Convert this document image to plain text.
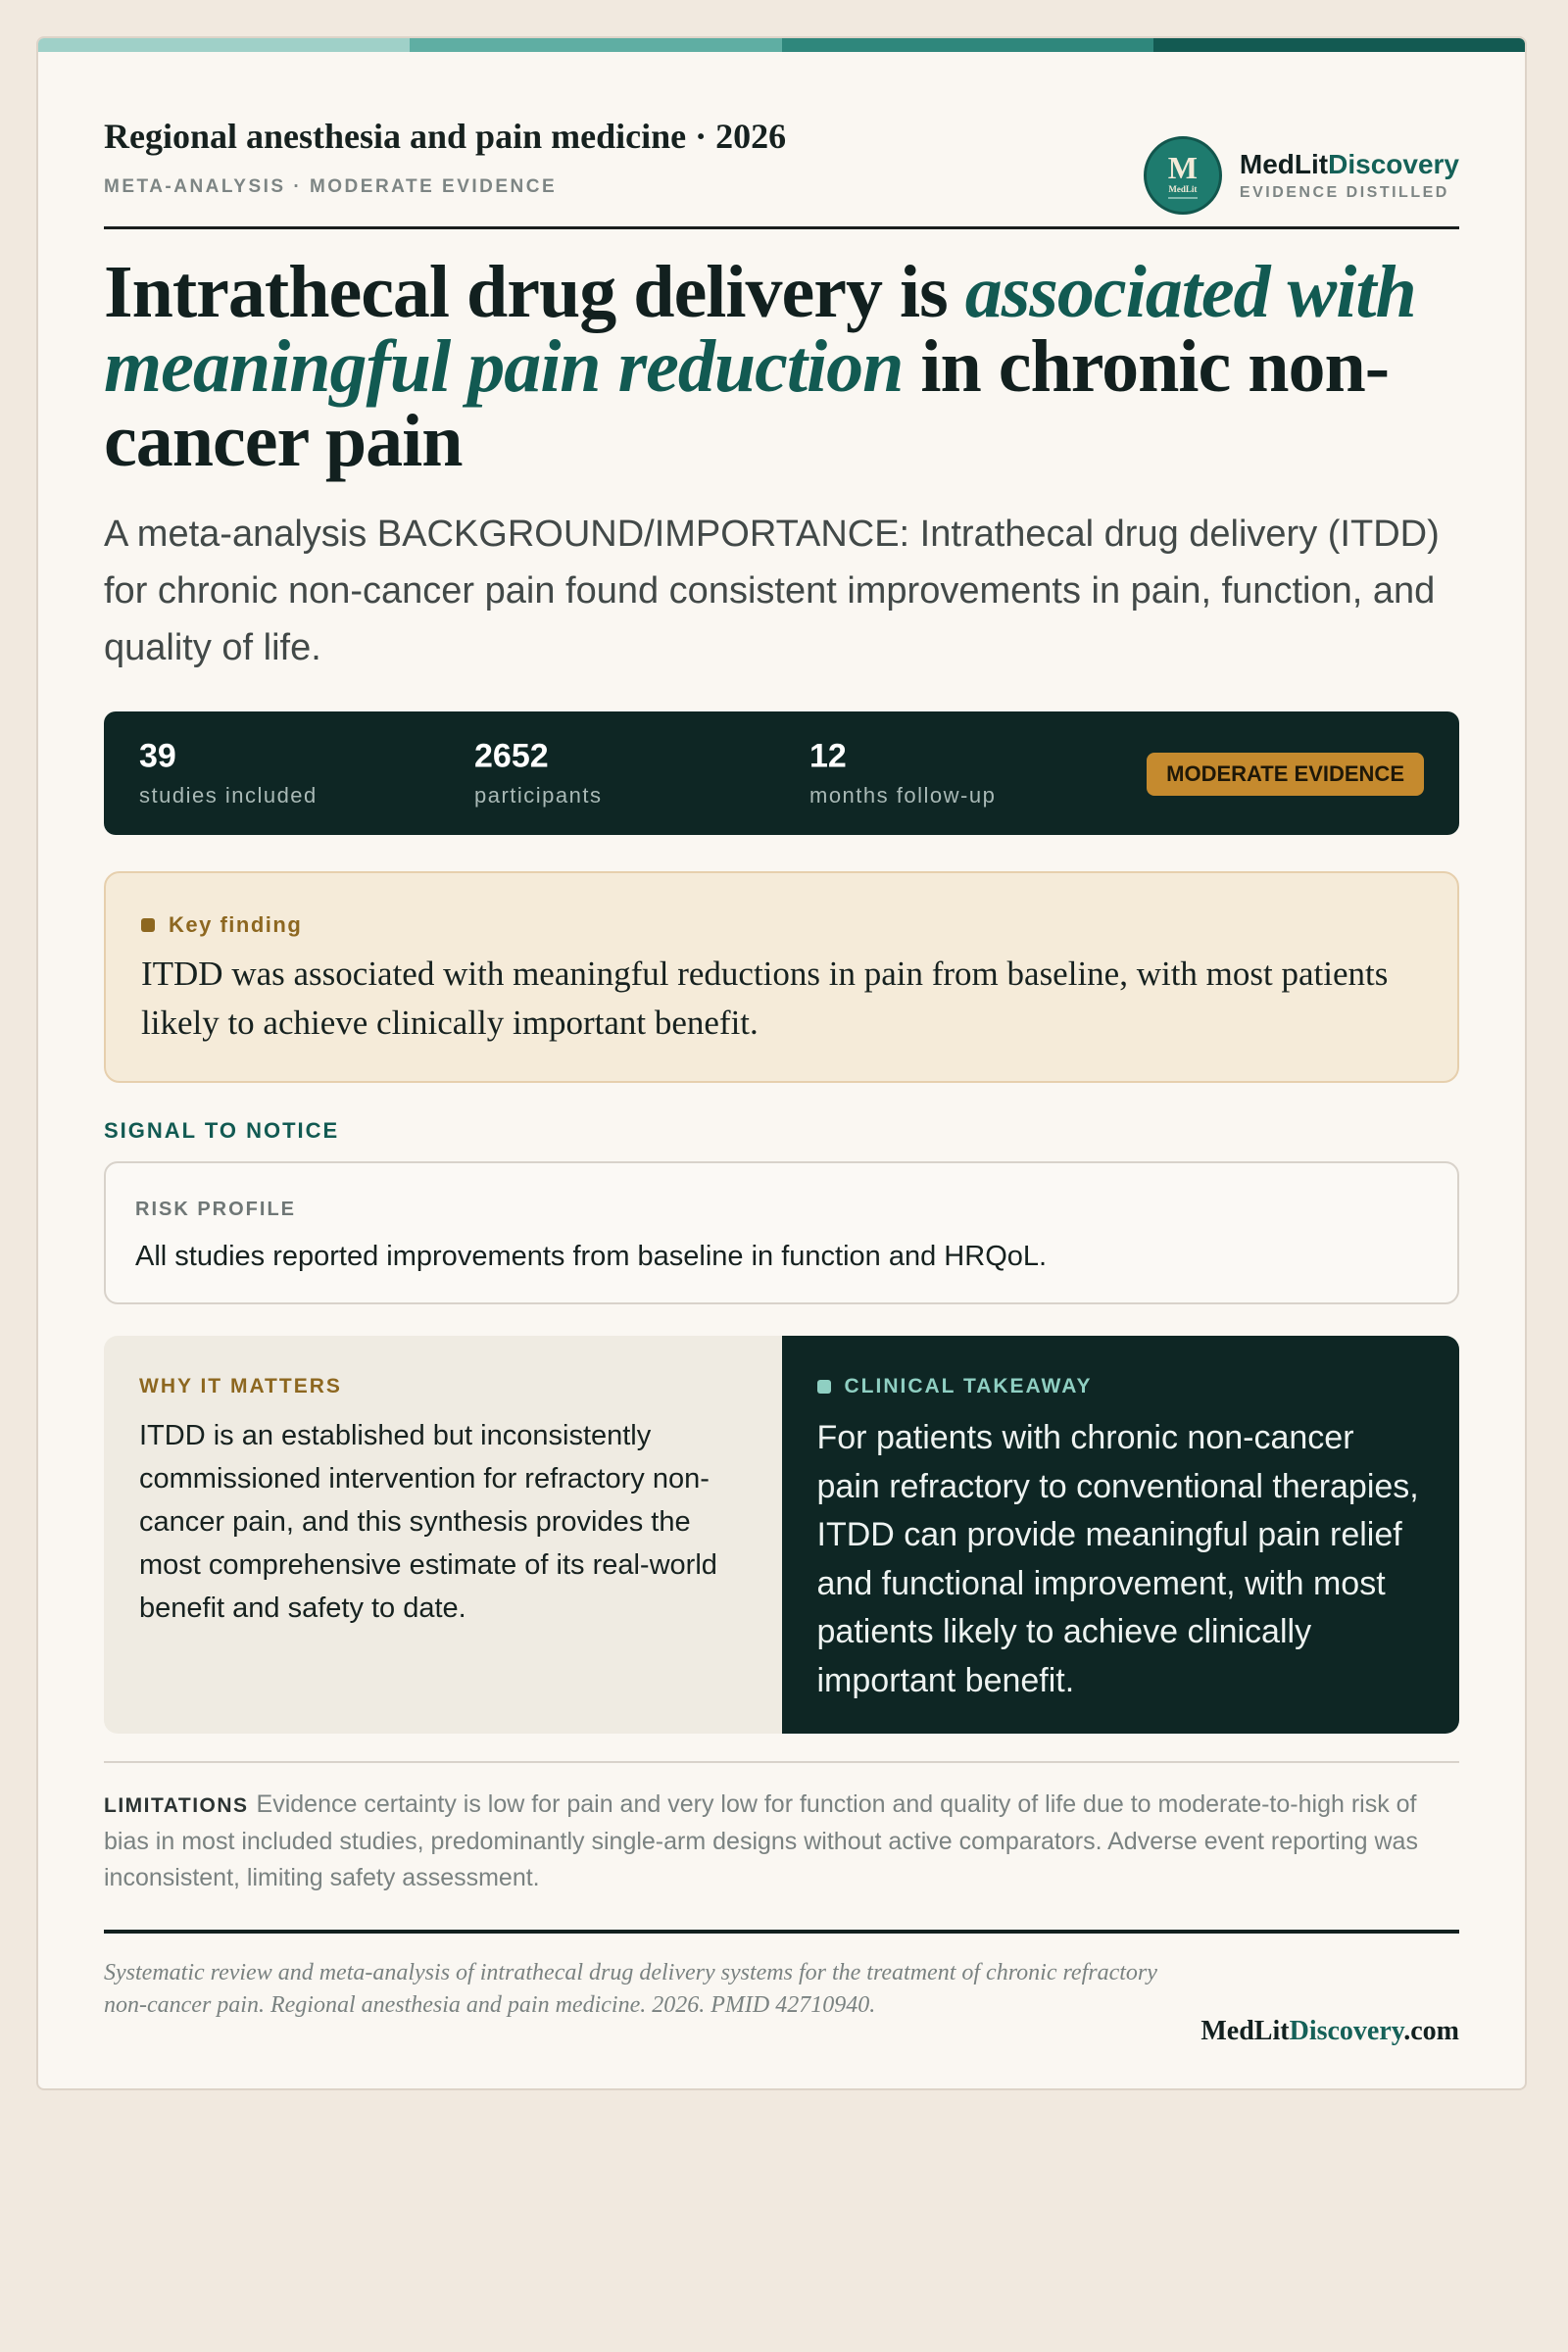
Regional anesthesia and pain medicine · 2026
META-ANALYSIS · MODERATE EVIDENCE
M
MedLit
MedLitDiscovery
EVIDENCE DISTILLED
Intrathecal drug delivery is associated with meaningful pain reduction in chronic non-cancer pain
A meta-analysis BACKGROUND/IMPORTANCE: Intrathecal drug delivery (ITDD) for chronic non-cancer pain found consistent improvements in pain, function, and quality of life.
39
studies included
2652
participants
12
months follow-up
MODERATE EVIDENCE
Key finding
ITDD was associated with meaningful reductions in pain from baseline, with most patients likely to achieve clinically important benefit.
SIGNAL TO NOTICE
RISK PROFILE
All studies reported improvements from baseline in function and HRQoL.
WHY IT MATTERS
ITDD is an established but inconsistently commissioned intervention for refractory non-cancer pain, and this synthesis provides the most comprehensive estimate of its real-world benefit and safety to date.
CLINICAL TAKEAWAY
For patients with chronic non-cancer pain refractory to conventional therapies, ITDD can provide meaningful pain relief and functional improvement, with most patients likely to achieve clinically important benefit.
LIMITATIONS Evidence certainty is low for pain and very low for function and quality of life due to moderate-to-high risk of bias in most included studies, predominantly single-arm designs without active comparators. Adverse event reporting was inconsistent, limiting safety assessment.
Systematic review and meta-analysis of intrathecal drug delivery systems for the treatment of chronic refractory non-cancer pain. Regional anesthesia and pain medicine. 2026. PMID 42710940.
MedLitDiscovery.com
